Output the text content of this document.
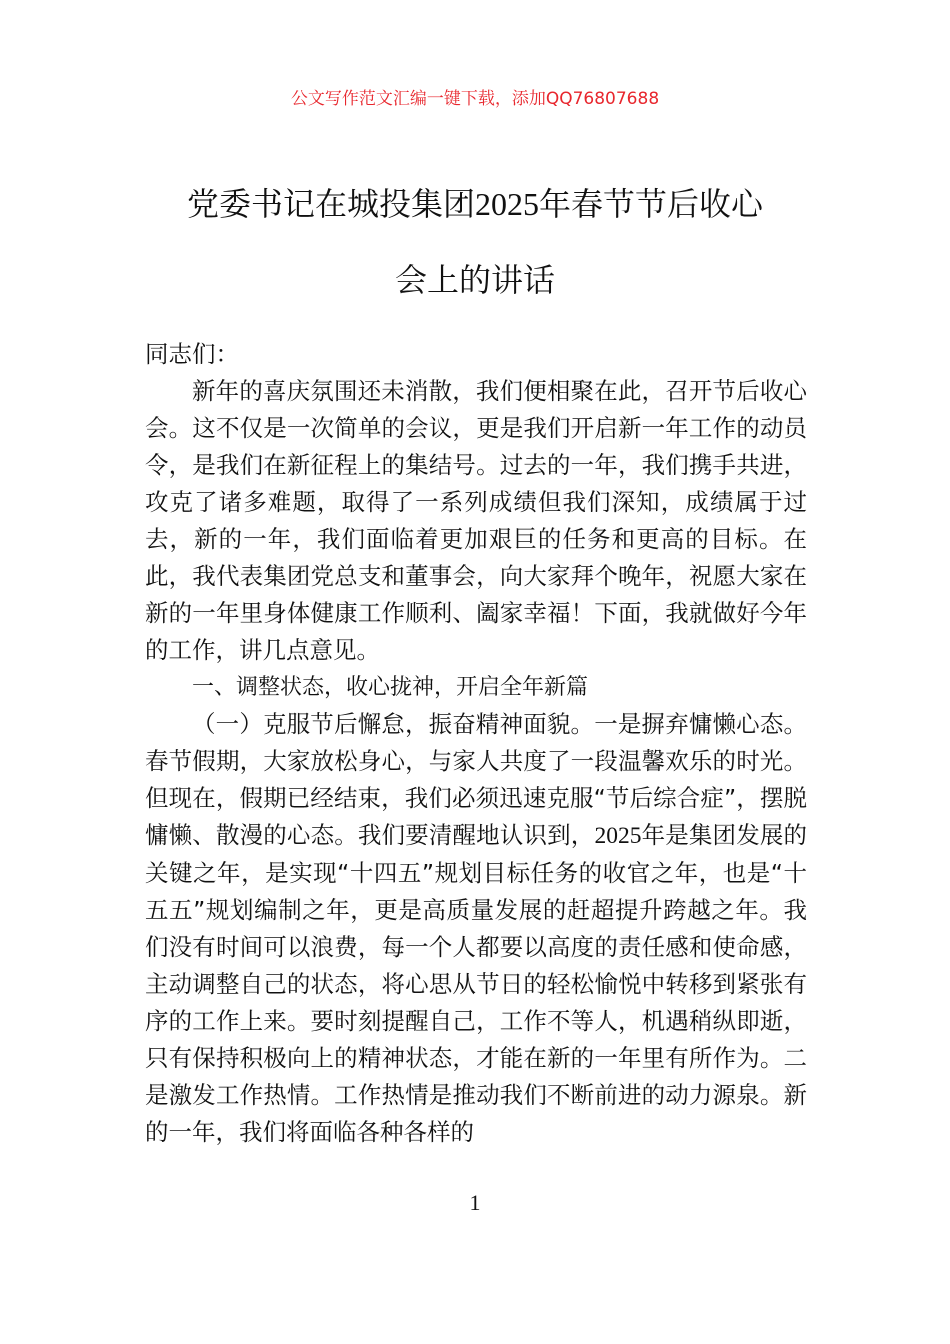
公文写作范文汇编一键下载，添加QQ76807688
党委书记在城投集团2025年春节节后收心
会上的讲话

同志们：

新年的喜庆氛围还未消散，我们便相聚在此，召开节后收心会。这不仅是一次简单的会议，更是我们开启新一年工作的动员令，是我们在新征程上的集结号。过去的一年，我们携手共进，攻克了诸多难题，取得了一系列成绩但我们深知，成绩属于过去，新的一年，我们面临着更加艰巨的任务和更高的目标。在此，我代表集团党总支和董事会，向大家拜个晚年，祝愿大家在新的一年里身体健康工作顺利、阖家幸福！下面，我就做好今年的工作，讲几点意见。

一、调整状态，收心拢神，开启全年新篇

（一）克服节后懈怠，振奋精神面貌。一是摒弃慵懒心态。春节假期，大家放松身心，与家人共度了一段温馨欢乐的时光。但现在，假期已经结束，我们必须迅速克服“节后综合症”，摆脱慵懒、散漫的心态。我们要清醒地认识到，2025年是集团发展的关键之年，是实现“十四五”规划目标任务的收官之年，也是“十五五”规划编制之年，更是高质量发展的赶超提升跨越之年。我们没有时间可以浪费，每一个人都要以高度的责任感和使命感，主动调整自己的状态，将心思从节日的轻松愉悦中转移到紧张有序的工作上来。要时刻提醒自己，工作不等人，机遇稍纵即逝，只有保持积极向上的精神状态，才能在新的一年里有所作为。二是激发工作热情。工作热情是推动我们不断前进的动力源泉。新的一年，我们将面临各种各样的

1
